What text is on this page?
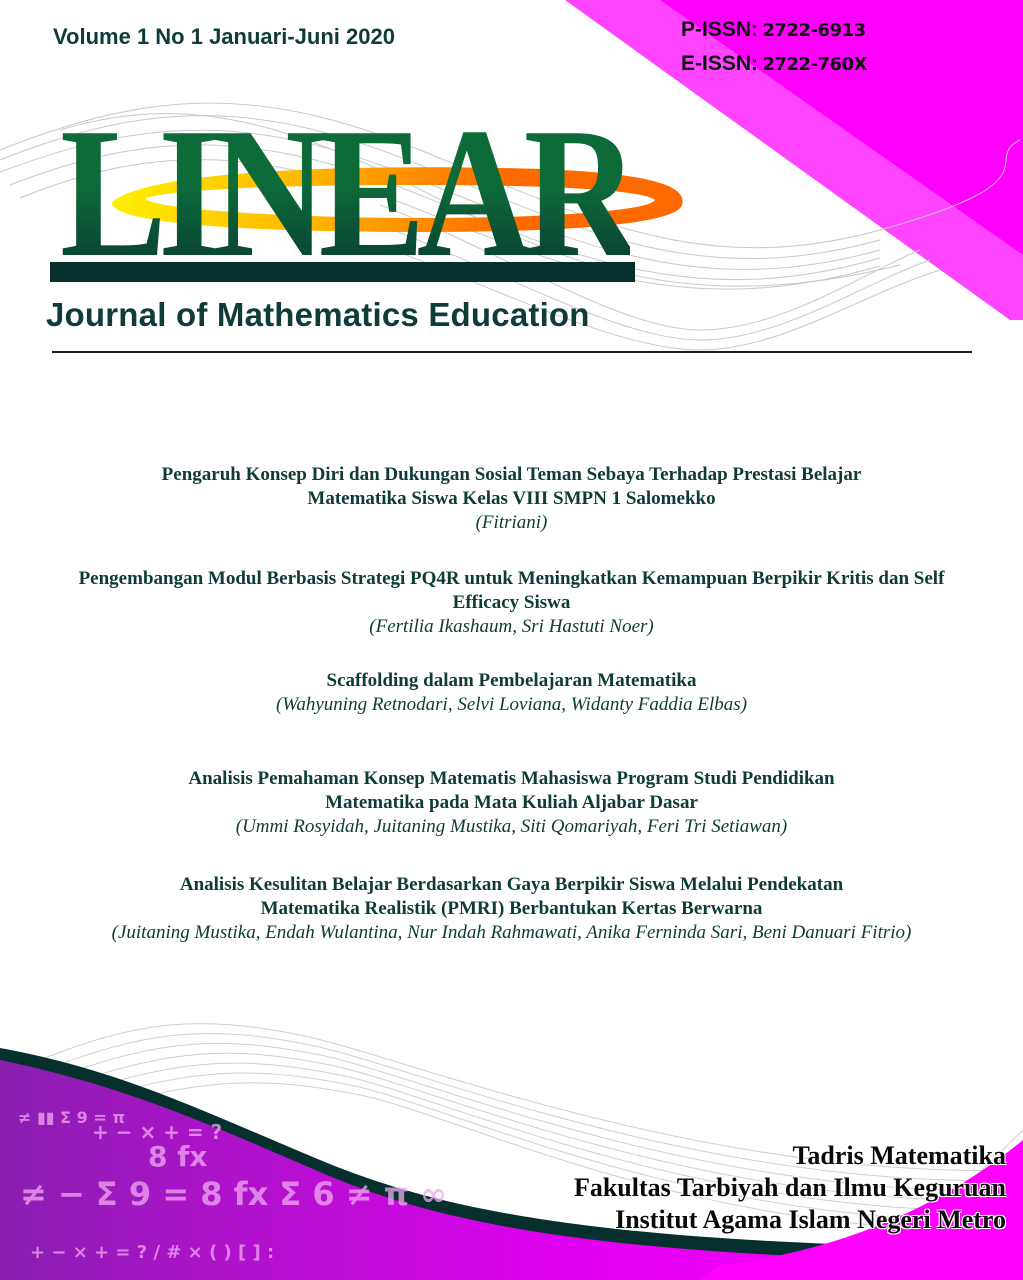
≠ ▮▮ Σ 9 = π
+ − × + = ?
8 fx
≠ − Σ 9 = 8 fx Σ 6 ≠ π ∞
+ − × + = ? / # × ( ) [ ] :
Volume 1 No 1 Januari-Juni 2020	P-ISSN: 2722-6913
E-ISSN: 2722-760X
LINEAR
Journal of Mathematics Education
Pengaruh Konsep Diri dan Dukungan Sosial Teman Sebaya Terhadap Prestasi Belajar
Matematika Siswa Kelas VIII SMPN 1 Salomekko
(Fitriani)
Pengembangan Modul Berbasis Strategi PQ4R untuk Meningkatkan Kemampuan Berpikir Kritis dan Self
Efficacy Siswa
(Fertilia Ikashaum, Sri Hastuti Noer)
Scaffolding dalam Pembelajaran Matematika
(Wahyuning Retnodari, Selvi Loviana, Widanty Faddia Elbas)
Analisis Pemahaman Konsep Matematis Mahasiswa Program Studi Pendidikan
Matematika pada Mata Kuliah Aljabar Dasar
(Ummi Rosyidah, Juitaning Mustika, Siti Qomariyah, Feri Tri Setiawan)
Analisis Kesulitan Belajar Berdasarkan Gaya Berpikir Siswa Melalui Pendekatan
Matematika Realistik (PMRI) Berbantukan Kertas Berwarna
(Juitaning Mustika, Endah Wulantina, Nur Indah Rahmawati, Anika Ferninda Sari, Beni Danuari Fitrio)
Tadris Matematika
Fakultas Tarbiyah dan Ilmu Keguruan
Institut Agama Islam Negeri Metro
